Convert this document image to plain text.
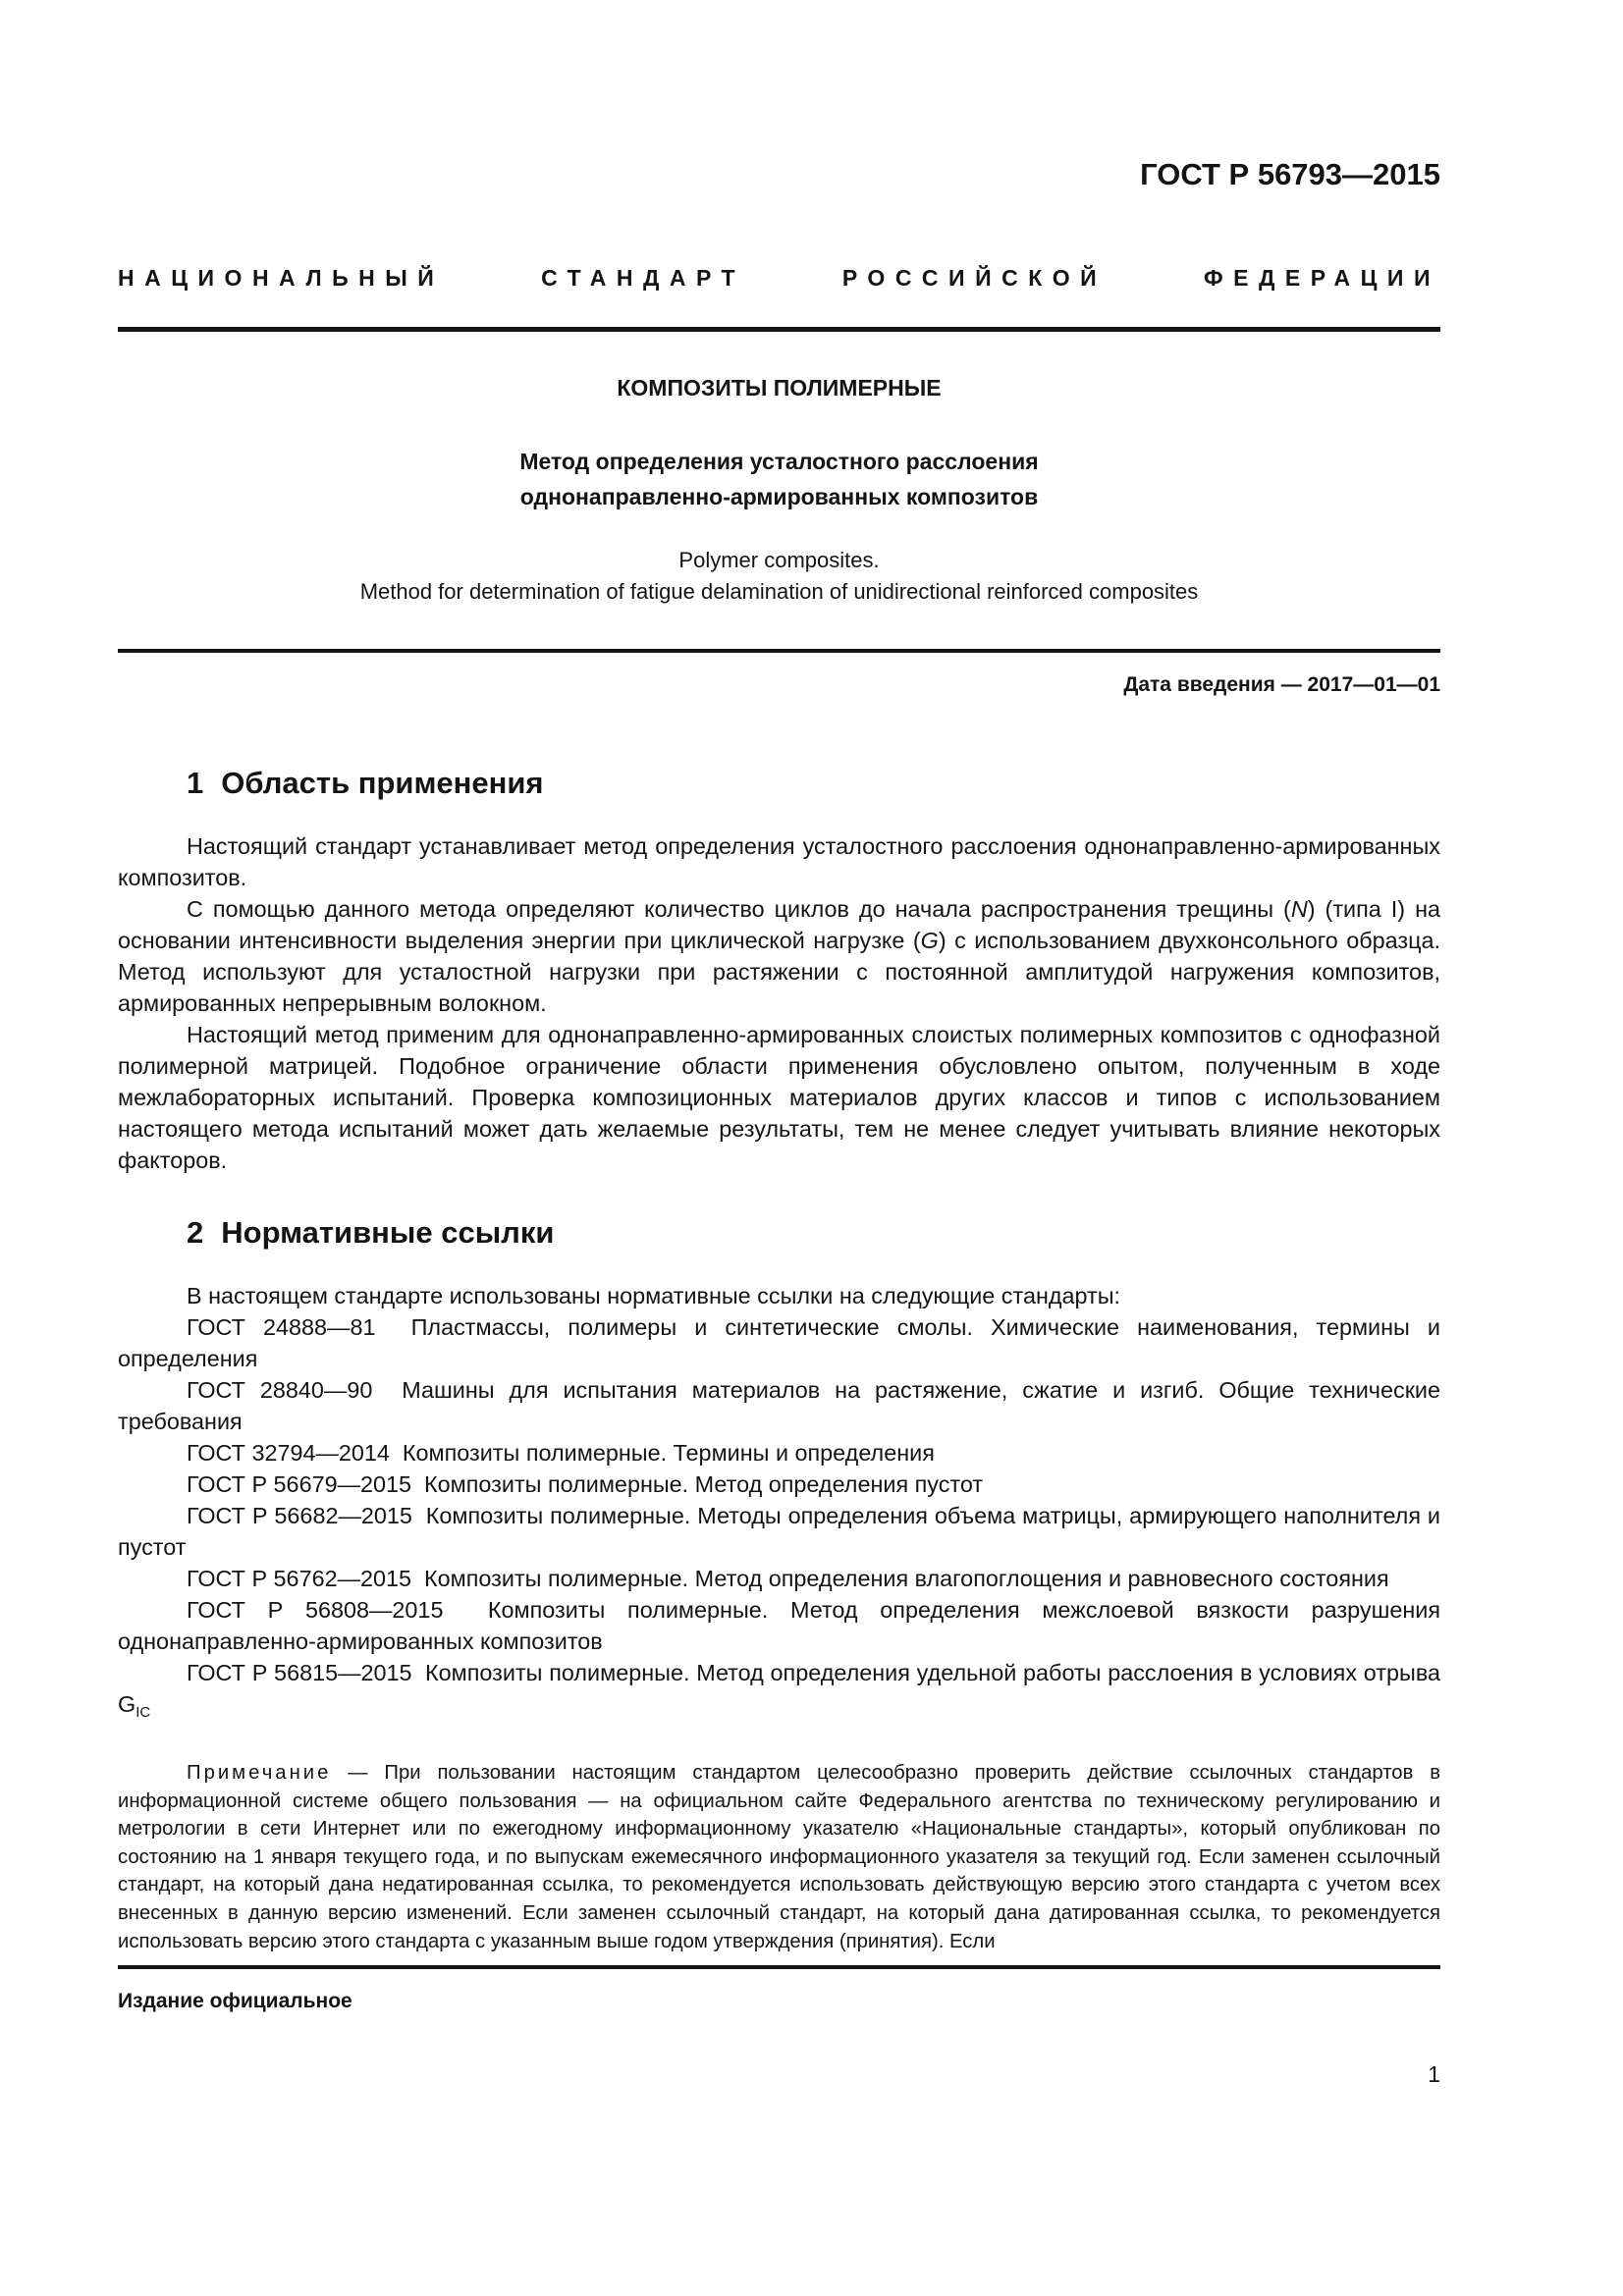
ГОСТ Р 56793—2015
НАЦИОНАЛЬНЫЙ СТАНДАРТ РОССИЙСКОЙ ФЕДЕРАЦИИ
КОМПОЗИТЫ ПОЛИМЕРНЫЕ
Метод определения усталостного расслоения
однонаправленно-армированных композитов
Polymer composites.
Method for determination of fatigue delamination of unidirectional reinforced composites
Дата введения — 2017—01—01
1 Область применения

Настоящий стандарт устанавливает метод определения усталостного расслоения однонаправленно-армированных композитов.

С помощью данного метода определяют количество циклов до начала распространения трещины (N) (типа I) на основании интенсивности выделения энергии при циклической нагрузке (G) с использованием двухконсольного образца. Метод используют для усталостной нагрузки при растяжении с постоянной амплитудой нагружения композитов, армированных непрерывным волокном.

Настоящий метод применим для однонаправленно-армированных слоистых полимерных композитов с однофазной полимерной матрицей. Подобное ограничение области применения обусловлено опытом, полученным в ходе межлабораторных испытаний. Проверка композиционных материалов других классов и типов с использованием настоящего метода испытаний может дать желаемые результаты, тем не менее следует учитывать влияние некоторых факторов.

2 Нормативные ссылки

В настоящем стандарте использованы нормативные ссылки на следующие стандарты:

ГОСТ 24888—81 Пластмассы, полимеры и синтетические смолы. Химические наименования, термины и определения

ГОСТ 28840—90 Машины для испытания материалов на растяжение, сжатие и изгиб. Общие технические требования

ГОСТ 32794—2014 Композиты полимерные. Термины и определения

ГОСТ Р 56679—2015 Композиты полимерные. Метод определения пустот

ГОСТ Р 56682—2015 Композиты полимерные. Методы определения объема матрицы, армирующего наполнителя и пустот

ГОСТ Р 56762—2015 Композиты полимерные. Метод определения влагопоглощения и равновесного состояния

ГОСТ Р 56808—2015 Композиты полимерные. Метод определения межслоевой вязкости разрушения однонаправленно-армированных композитов

ГОСТ Р 56815—2015 Композиты полимерные. Метод определения удельной работы расслоения в условиях отрыва $G_{IC}$

Примечание — При пользовании настоящим стандартом целесообразно проверить действие ссылочных стандартов в информационной системе общего пользования — на официальном сайте Федерального агентства по техническому регулированию и метрологии в сети Интернет или по ежегодному информационному указателю «Национальные стандарты», который опубликован по состоянию на 1 января текущего года, и по выпускам ежемесячного информационного указателя за текущий год. Если заменен ссылочный стандарт, на который дана недатированная ссылка, то рекомендуется использовать действующую версию этого стандарта с учетом всех внесенных в данную версию изменений. Если заменен ссылочный стандарт, на который дана датированная ссылка, то рекомендуется использовать версию этого стандарта с указанным выше годом утверждения (принятия). Если

Издание официальное
1
